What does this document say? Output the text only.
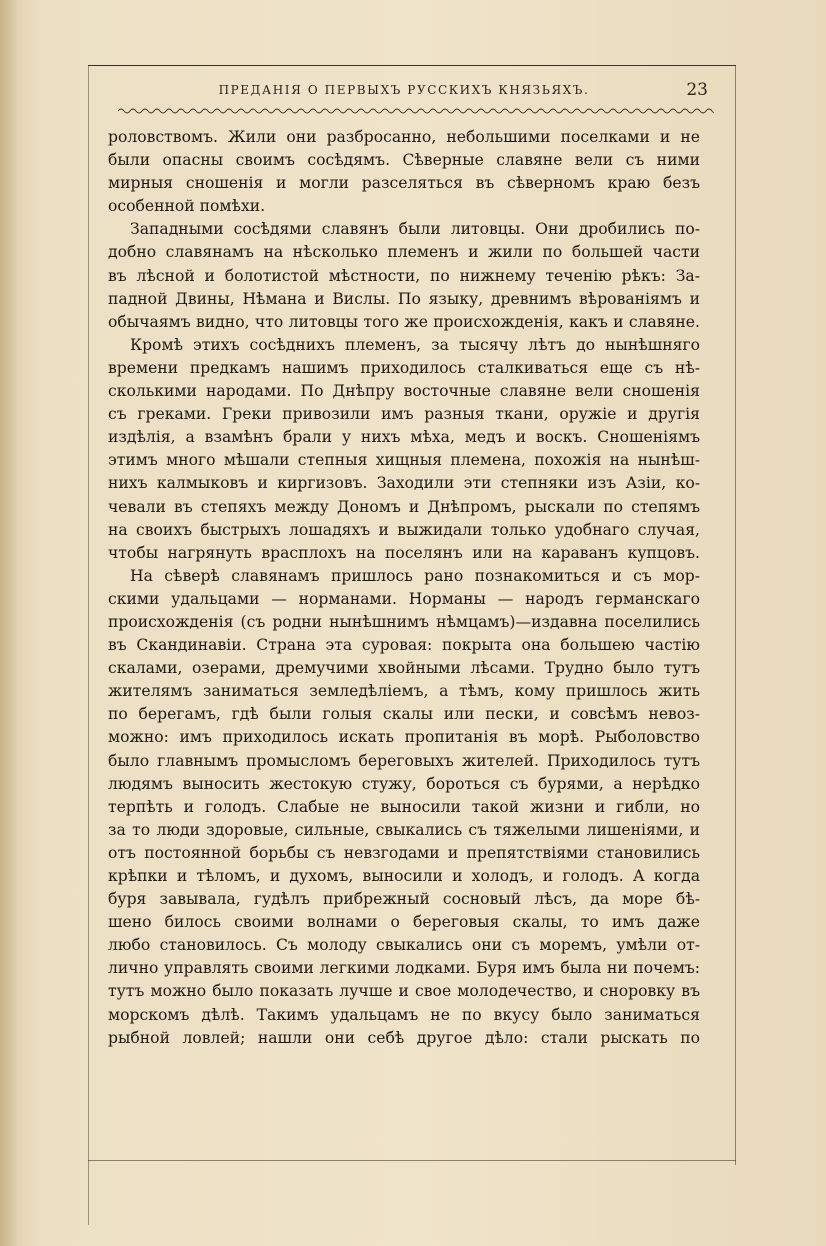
ПРЕДАНІЯ О ПЕРВЫХЪ РУССКИХЪ КНЯЗЬЯХЪ.	23
роловствомъ. Жили они разбросанно, небольшими поселками и не
были опасны своимъ сосѣдямъ. Сѣверные славяне вели съ ними
мирныя сношенія и могли разселяться въ сѣверномъ краю безъ
особенной помѣхи.
Западными сосѣдями славянъ были литовцы. Они дробились по-
добно славянамъ на нѣсколько племенъ и жили по большей части
въ лѣсной и болотистой мѣстности, по нижнему теченію рѣкъ: За-
падной Двины, Нѣмана и Вислы. По языку, древнимъ вѣрованіямъ и
обычаямъ видно, что литовцы того же происхожденія, какъ и славяне.
Кромѣ этихъ сосѣднихъ племенъ, за тысячу лѣтъ до нынѣшняго
времени предкамъ нашимъ приходилось сталкиваться еще съ нѣ-
сколькими народами. По Днѣпру восточные славяне вели сношенія
съ греками. Греки привозили имъ разныя ткани, оружіе и другія
издѣлія, а взамѣнъ брали у нихъ мѣха, медъ и воскъ. Сношеніямъ
этимъ много мѣшали степныя хищныя племена, похожія на нынѣш-
нихъ калмыковъ и киргизовъ. Заходили эти степняки изъ Азіи, ко-
чевали въ степяхъ между Дономъ и Днѣпромъ, рыскали по степямъ
на своихъ быстрыхъ лошадяхъ и выжидали только удобнаго случая,
чтобы нагрянуть врасплохъ на поселянъ или на караванъ купцовъ.
На сѣверѣ славянамъ пришлось рано познакомиться и съ мор-
скими удальцами — норманами. Норманы — народъ германскаго
происхожденія (съ родни нынѣшнимъ нѣмцамъ)—издавна поселились
въ Скандинавіи. Страна эта суровая: покрыта она большею частію
скалами, озерами, дремучими хвойными лѣсами. Трудно было тутъ
жителямъ заниматься земледѣліемъ, а тѣмъ, кому пришлось жить
по берегамъ, гдѣ были голыя скалы или пески, и совсѣмъ невоз-
можно: имъ приходилось искать пропитанія въ морѣ. Рыболовство
было главнымъ промысломъ береговыхъ жителей. Приходилось тутъ
людямъ выносить жестокую стужу, бороться съ бурями, а нерѣдко
терпѣть и голодъ. Слабые не выносили такой жизни и гибли, но
за то люди здоровые, сильные, свыкались съ тяжелыми лишеніями, и
отъ постоянной борьбы съ невзгодами и препятствіями становились
крѣпки и тѣломъ, и духомъ, выносили и холодъ, и голодъ. А когда
буря завывала, гудѣлъ прибрежный сосновый лѣсъ, да море бѣ-
шено билось своими волнами о береговыя скалы, то имъ даже
любо становилось. Съ молоду свыкались они съ моремъ, умѣли от-
лично управлять своими легкими лодками. Буря имъ была ни почемъ:
тутъ можно было показать лучше и свое молодечество, и сноровку въ
морскомъ дѣлѣ. Такимъ удальцамъ не по вкусу было заниматься
рыбной ловлей; нашли они себѣ другое дѣло: стали рыскать по
